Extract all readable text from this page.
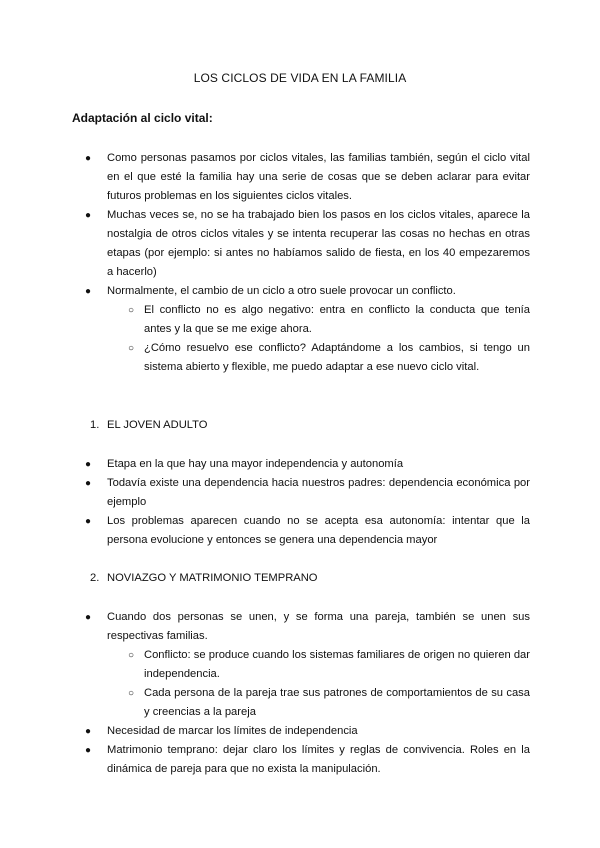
LOS CICLOS DE VIDA EN LA FAMILIA
Adaptación al ciclo vital:
● Como personas pasamos por ciclos vitales, las familias también, según el ciclo vital en el que esté la familia hay una serie de cosas que se deben aclarar para evitar futuros problemas en los siguientes ciclos vitales.
● Muchas veces se, no se ha trabajado bien los pasos en los ciclos vitales, aparece la nostalgia de otros ciclos vitales y se intenta recuperar las cosas no hechas en otras etapas (por ejemplo: si antes no habíamos salido de fiesta, en los 40 empezaremos a hacerlo)
● Normalmente, el cambio de un ciclo a otro suele provocar un conflicto.
○ El conflicto no es algo negativo: entra en conflicto la conducta que tenía antes y la que se me exige ahora.
○ ¿Cómo resuelvo ese conflicto? Adaptándome a los cambios, si tengo un sistema abierto y flexible, me puedo adaptar a ese nuevo ciclo vital.
1. EL JOVEN ADULTO
● Etapa en la que hay una mayor independencia y autonomía
● Todavía existe una dependencia hacia nuestros padres: dependencia económica por ejemplo
● Los problemas aparecen cuando no se acepta esa autonomía: intentar que la persona evolucione y entonces se genera una dependencia mayor
2. NOVIAZGO Y MATRIMONIO TEMPRANO
● Cuando dos personas se unen, y se forma una pareja, también se unen sus respectivas familias.
○ Conflicto: se produce cuando los sistemas familiares de origen no quieren dar independencia.
○ Cada persona de la pareja trae sus patrones de comportamientos de su casa y creencias a la pareja
● Necesidad de marcar los límites de independencia
● Matrimonio temprano: dejar claro los límites y reglas de convivencia. Roles en la dinámica de pareja para que no exista la manipulación.
